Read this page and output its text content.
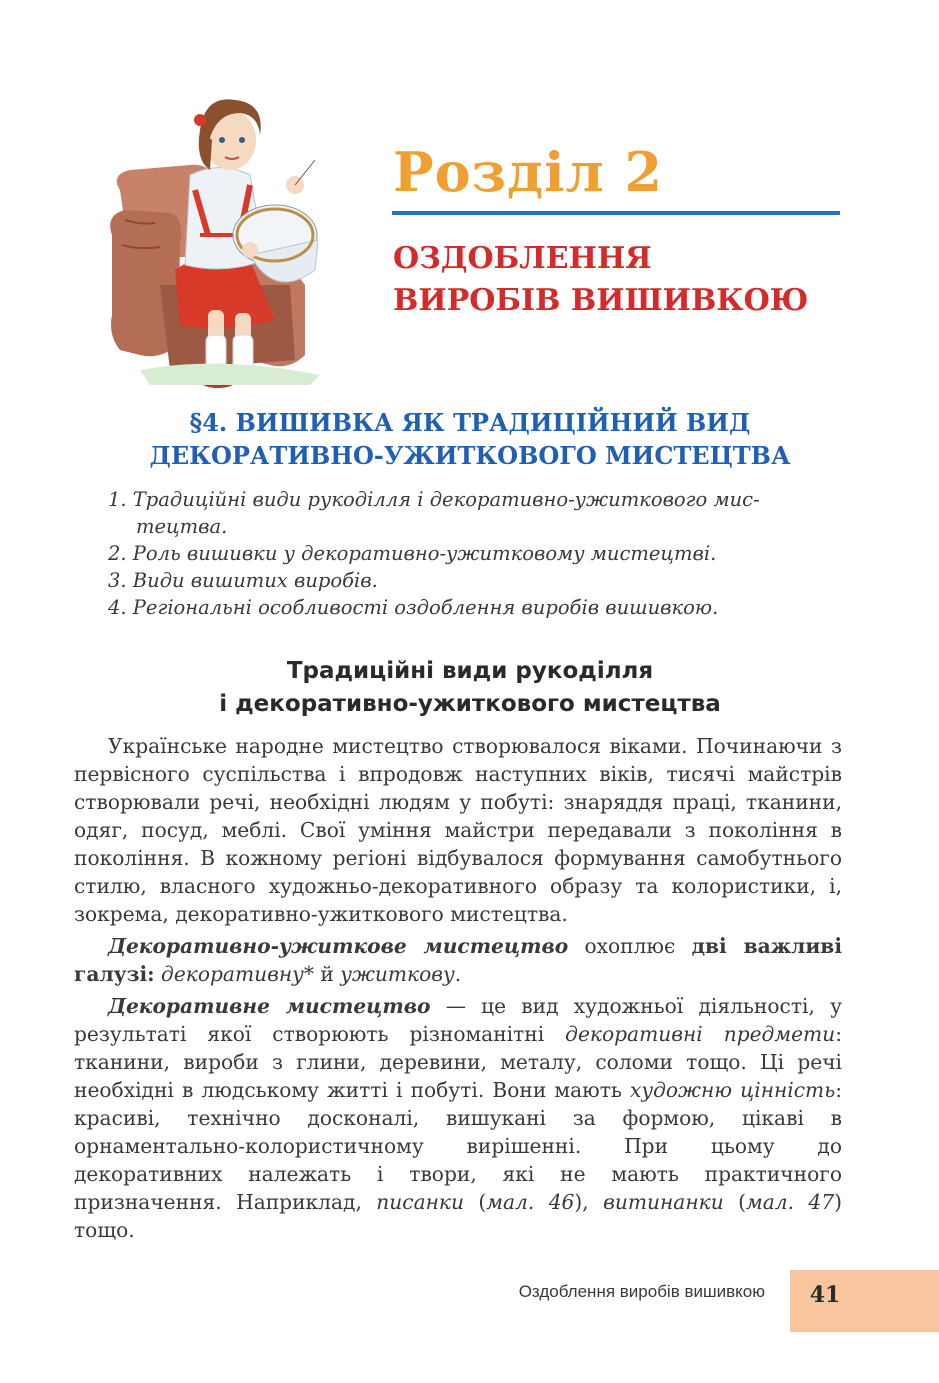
Розділ 2
ОЗДОБЛЕННЯ
ВИРОБІВ ВИШИВКОЮ
§4. ВИШИВКА ЯК ТРАДИЦІЙНИЙ ВИД
ДЕКОРАТИВНО-УЖИТКОВОГО МИСТЕЦТВА

1. Традиційні види рукоділля і декоративно-ужиткового мис-

тецтва.

2. Роль вишивки у декоративно-ужитковому мистецтві.

3. Види вишитих виробів.

4. Регіональні особливості оздоблення виробів вишивкою.

Традиційні види рукоділля
і декоративно-ужиткового мистецтва

Українське народне мистецтво створювалося віками. Починаючи з первісного суспільства і впродовж наступних віків, тисячі майстрів створювали речі, необхідні людям у побуті: знаряддя праці, тканини, одяг, посуд, меблі. Свої уміння майстри передавали з покоління в покоління. В кожному регіоні відбувалося формування самобутнього стилю, власного художньо-декоративного образу та колористики, і, зокрема, декоративно-ужиткового мистецтва.

Декоративно-ужиткове мистецтво охоплює дві важливі галузі: декоративну* й ужиткову.

Декоративне мистецтво — це вид художньої діяльності, у результаті якої створюють різноманітні декоративні предмети: тканини, вироби з глини, деревини, металу, соломи тощо. Ці речі необхідні в людському житті і побуті. Вони мають художню цінність: красиві, технічно досконалі, вишукані за формою, цікаві в орнаментально-колористичному вирішенні. При цьому до декоративних належать і твори, які не мають практичного призначення. Наприклад, писанки (мал. 46), витинанки (мал. 47) тощо.

Оздоблення виробів вишивкою	41
